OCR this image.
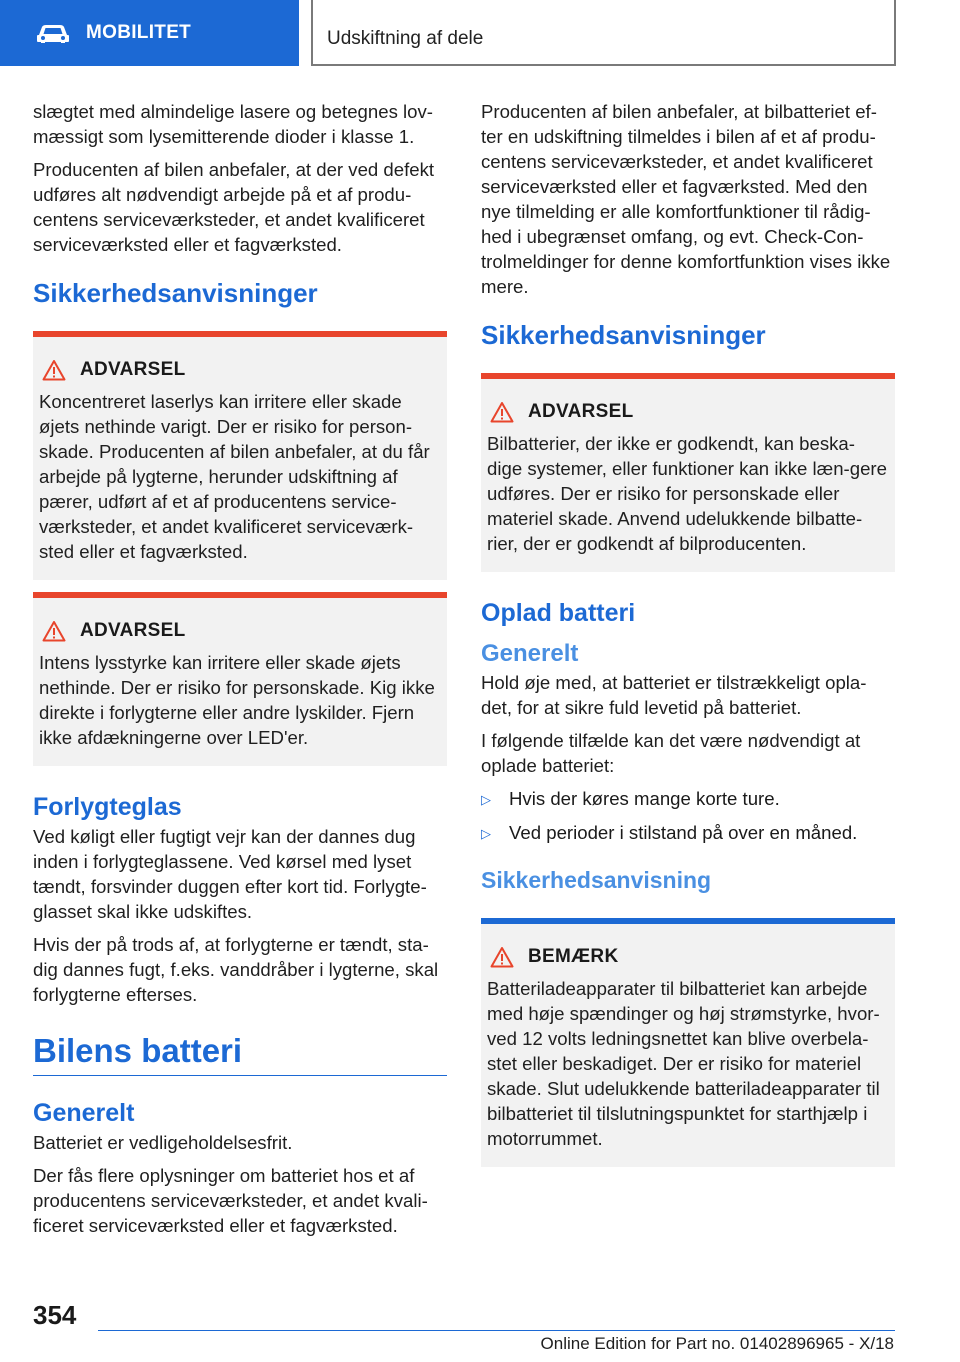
MOBILITET	Udskiftning af dele

slægtet med almindelige lasere og betegnes lov-mæssigt som lysemitterende dioder i klasse 1.

Producenten af bilen anbefaler, at der ved defekt udføres alt nødvendigt arbejde på et af produ-centens serviceværksteder, et andet kvalificeret serviceværksted eller et fagværksted.

Sikkerhedsanvisninger
ADVARSEL

Koncentreret laserlys kan irritere eller skade øjets nethinde varigt. Der er risiko for person-skade. Producenten af bilen anbefaler, at du får arbejde på lygterne, herunder udskiftning af pærer, udført af et af producentens service-værksteder, et andet kvalificeret serviceværk-sted eller et fagværksted.

ADVARSEL

Intens lysstyrke kan irritere eller skade øjets nethinde. Der er risiko for personskade. Kig ikke direkte i forlygterne eller andre lyskilder. Fjern ikke afdækningerne over LED'er.

Forlygteglas

Ved køligt eller fugtigt vejr kan der dannes dug inden i forlygteglassene. Ved kørsel med lyset tændt, forsvinder duggen efter kort tid. Forlygte-glasset skal ikke udskiftes.

Hvis der på trods af, at forlygterne er tændt, sta-dig dannes fugt, f.eks. vanddråber i lygterne, skal forlygterne efterses.

Bilens batteri
Generelt

Batteriet er vedligeholdelsesfrit.

Der fås flere oplysninger om batteriet hos et af producentens serviceværksteder, et andet kvali-ficeret serviceværksted eller et fagværksted.

Producenten af bilen anbefaler, at bilbatteriet ef-ter en udskiftning tilmeldes i bilen af et af produ-centens serviceværksteder, et andet kvalificeret serviceværksted eller et fagværksted. Med den nye tilmelding er alle komfortfunktioner til rådig-hed i ubegrænset omfang, og evt. Check-Con-trolmeldinger for denne komfortfunktion vises ikke mere.

Sikkerhedsanvisninger
ADVARSEL

Bilbatterier, der ikke er godkendt, kan beska-dige systemer, eller funktioner kan ikke læn-gere udføres. Der er risiko for personskade eller materiel skade. Anvend udelukkende bilbatte-rier, der er godkendt af bilproducenten.

Oplad batteri
Generelt

Hold øje med, at batteriet er tilstrækkeligt opla-det, for at sikre fuld levetid på batteriet.

I følgende tilfælde kan det være nødvendigt at oplade batteriet:

▷ Hvis der køres mange korte ture.
▷ Ved perioder i stilstand på over en måned.
Sikkerhedsanvisning
BEMÆRK

Batteriladeapparater til bilbatteriet kan arbejde med høje spændinger og høj strømstyrke, hvor-ved 12 volts ledningsnettet kan blive overbela-stet eller beskadiget. Der er risiko for materiel skade. Slut udelukkende batteriladeapparater til bilbatteriet til tilslutningspunktet for starthjælp i motorrummet.

354
Online Edition for Part no. 01402896965 - X/18
